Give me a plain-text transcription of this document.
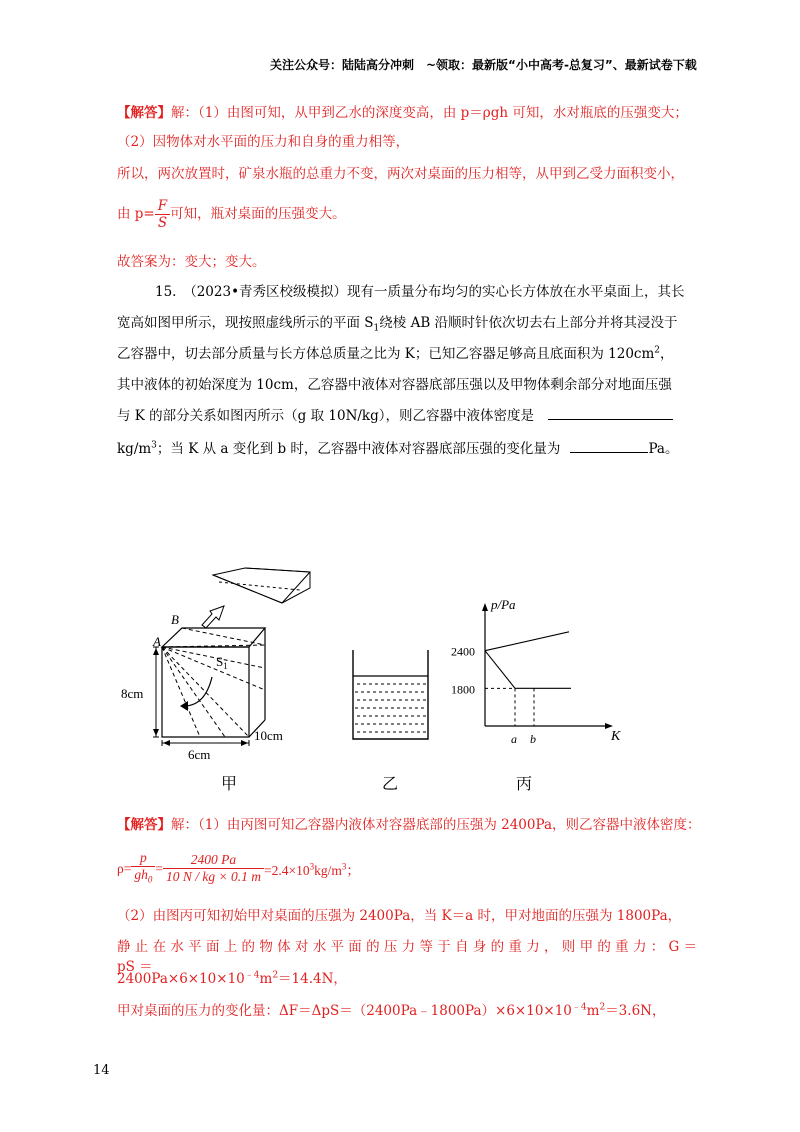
关注公众号：陆陆高分冲刺　~领取：最新版“小中高考-总复习”、最新试卷下载
【解答】解：（1）由图可知，从甲到乙水的深度变高，由 p＝ρgh 可知，水对瓶底的压强变大；
（2）因物体对水平面的压力和自身的重力相等，
所以，两次放置时，矿泉水瓶的总重力不变，两次对桌面的压力相等，从甲到乙受力面积变小，
由 $p= \frac{F}{S}$ 可知，瓶对桌面的压强变大。
故答案为：变大；变大。
15.　（2023•青秀区校级模拟）现有一质量分布均匀的实心长方体放在水平桌面上，其长
宽高如图甲所示，现按照虚线所示的平面 $S_1$绕棱 AB 沿顺时针依次切去右上部分并将其浸没于
乙容器中，切去部分质量与长方体总质量之比为 K；已知乙容器足够高且底面积为 $120cm^2$，
其中液体的初始深度为 10cm，乙容器中液体对容器底部压强以及甲物体剩余部分对地面压强
与 K 的部分关系如图丙所示（g 取 10N/kg），则乙容器中液体密度是
$kg/m^3$；当 K 从 a 变化到 b 时，乙容器中液体对容器底部压强的变化量为	Pa。
A
B
$S_1$
8cm
6cm
10cm
p/Pa
K
2400
1800
a b
甲	乙	丙
【解答】解：（1）由丙图可知乙容器内液体对容器底部的压强为 2400Pa，则乙容器中液体密度：
$\rho= \frac{p}{gh_0} = \frac{2400 Pa}{10 N / kg \times 0.1 m} =2.4\times 10^3kg/m^3$；
（2）由图丙可知初始甲对桌面的压强为 2400Pa，当 K＝a 时，甲对地面的压强为 1800Pa，
静 止 在 水 平 面 上 的 物 体 对 水 平 面 的 压 力 等 于 自 身 的 重 力 ， 则 甲 的 重 力 ： G ＝ pS ＝
$2400Pa\times 6\times 10\times 10^{﹣4}m^2=14.4N$，
甲对桌面的压力的变化量：$\Delta F=\Delta pS=(2400Pa﹣1800Pa)\times 6\times 10\times 10^{﹣4}m^2=3.6N$，
14
